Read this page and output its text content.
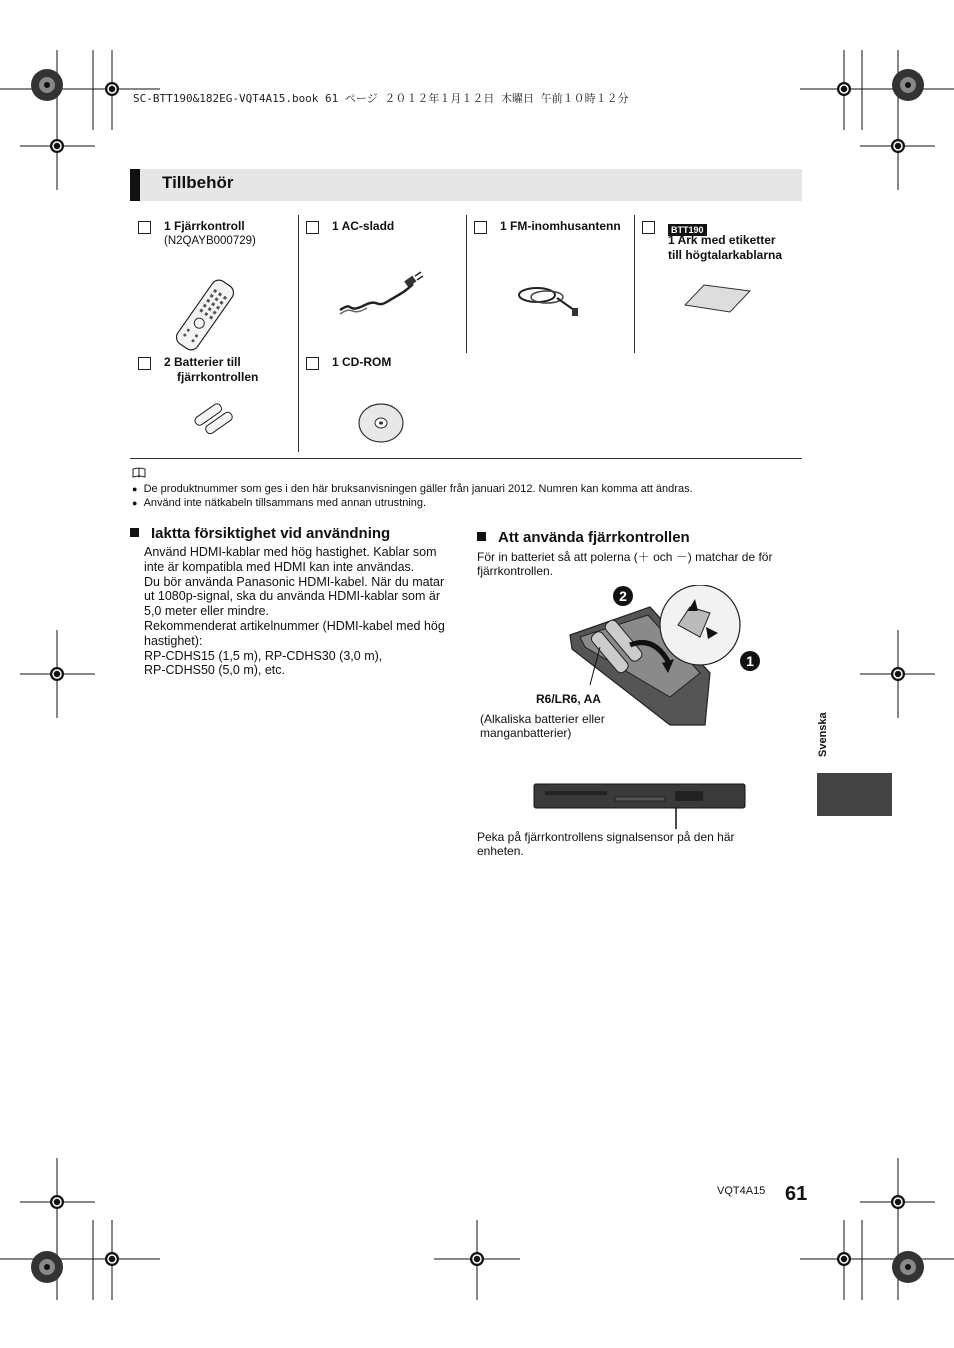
SC-BTT190&182EG-VQT4A15.book 61 ページ ２０１２年１月１２日 木曜日 午前１０時１２分
Tillbehör
1 Fjärrkontroll
(N2QAYB000729)
1 AC-sladd	1 FM-inomhusantenn	BTT190
1 Ark med etiketter
till högtalarkablarna
2 Batterier till
fjärrkontrollen
1 CD-ROM
● De produktnummer som ges i den här bruksanvisningen gäller från januari 2012. Numren kan komma att ändras.
● Använd inte nätkabeln tillsammans med annan utrustning.
Iaktta försiktighet vid användning
Använd HDMI-kablar med hög hastighet. Kablar som
inte är kompatibla med HDMI kan inte användas.
Du bör använda Panasonic HDMI-kabel. När du matar
ut 1080p-signal, ska du använda HDMI-kablar som är
5,0 meter eller mindre.
Rekommenderat artikelnummer (HDMI-kabel med hög
hastighet):
RP-CDHS15 (1,5 m), RP-CDHS30 (3,0 m),
RP-CDHS50 (5,0 m), etc.
Att använda fjärrkontrollen
För in batteriet så att polerna (＋ och －) matchar de för
fjärrkontrollen.
2
1
R6/LR6, AA
(Alkaliska batterier eller
manganbatterier)
Peka på fjärrkontrollens signalsensor på den här
enheten.
Svenska
VQT4A15 61
